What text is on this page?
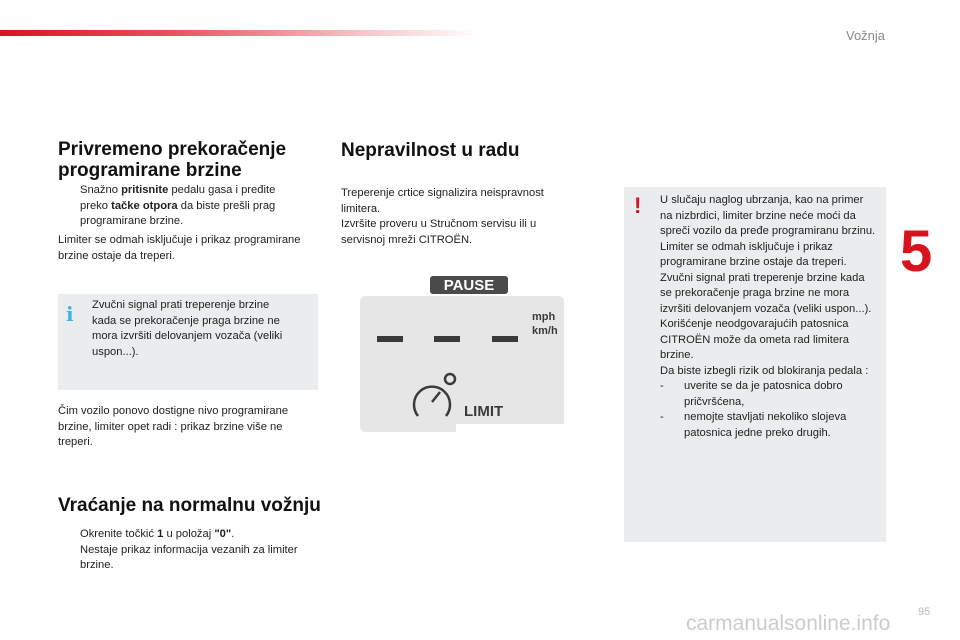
Vožnja
5
Privremeno prekoračenje programirane brzine
Snažno pritisnite pedalu gasa i pređite preko tačke otpora da biste prešli prag programirane brzine.
Limiter se odmah isključuje i prikaz programirane brzine ostaje da treperi.
i Zvučni signal prati treperenje brzine kada se prekoračenje praga brzine ne mora izvršiti delovanjem vozača (veliki uspon...).
Čim vozilo ponovo dostigne nivo programirane brzine, limiter opet radi : prikaz brzine više ne treperi.
Vraćanje na normalnu vožnju
Okrenite točkić 1 u položaj "0".
Nestaje prikaz informacija vezanih za limiter brzine.
Nepravilnost u radu
Treperenje crtice signalizira neispravnost limitera.
Izvršite proveru u Stručnom servisu ili u servisnoj mreži CITROËN.
PAUSE
mph
km/h
LIMIT
! U slučaju naglog ubrzanja, kao na primer na nizbrdici, limiter brzine neće moći da spreči vozilo da pređe programiranu brzinu.
Limiter se odmah isključuje i prikaz programirane brzine ostaje da treperi.
Zvučni signal prati treperenje brzine kada se prekoračenje praga brzine ne mora izvršiti delovanjem vozača (veliki uspon...).
Korišćenje neodgovarajućih patosnica CITROËN može da ometa rad limitera brzine.
Da biste izbegli rizik od blokiranja pedala :
-	uverite se da je patosnica dobro pričvršćena,
-	nemojte stavljati nekoliko slojeva patosnica jedne preko drugih.
95
carmanualsonline.info
